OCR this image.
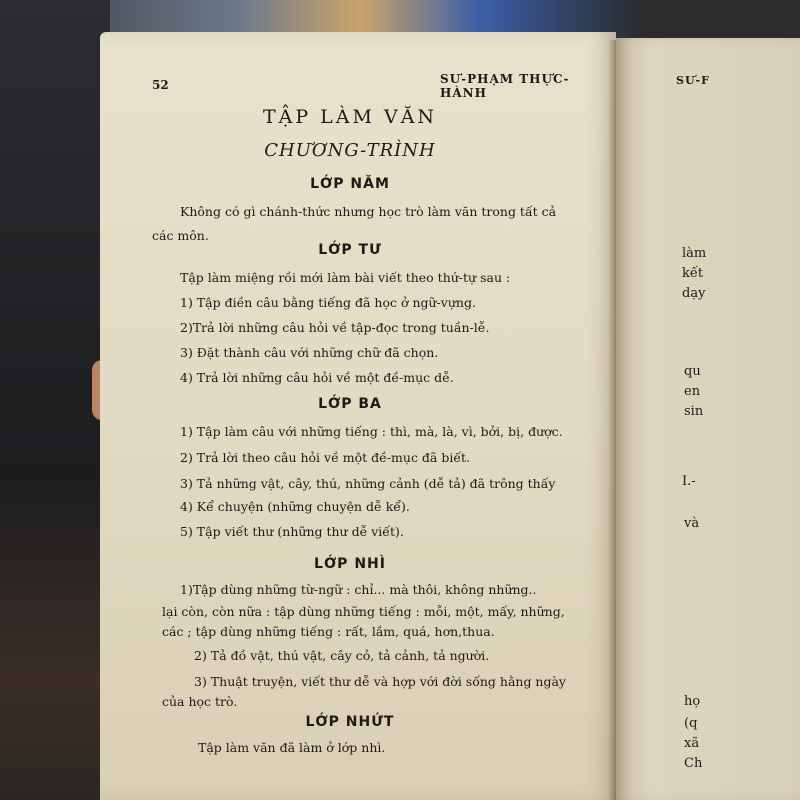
52	SƯ-PHẠM THỰC-HÀNH
TẬP LÀM VĂN
CHƯƠNG-TRÌNH
LỚP NĂM
Không có gì chánh-thức nhưng học trò làm văn trong tất cả
các môn.
LỚP TƯ
Tập làm miệng rồi mới làm bài viết theo thứ-tự sau :
1) Tập điền câu bằng tiếng đã học ở ngữ-vựng.
2)Trả lời những câu hỏi về tập-đọc trong tuần-lễ.
3) Đặt thành câu với những chữ đã chọn.
4) Trả lời những câu hỏi về một đề-mục dễ.
LỚP BA
1) Tập làm câu với những tiếng : thì, mà, là, vì, bởi, bị, được.
2) Trả lời theo câu hỏi về một đề-mục đã biết.
3) Tả những vật, cây, thú, những cảnh (dễ tả) đã trông thấy
4) Kể chuyện (những chuyện dễ kể).
5) Tập viết thư (những thư dễ viết).
LỚP NHÌ
1)Tập dùng những từ-ngữ : chỉ... mà thôi, không những..
lại còn, còn nữa : tập dùng những tiếng : mỗi, một, mấy, những,
các ; tập dùng những tiếng : rất, lắm, quá, hơn,thua.
2) Tả đồ vật, thú vật, cây cỏ, tả cảnh, tả người.
3) Thuật truyện, viết thư dễ và hợp với đời sống hằng ngày
của học trò.
LỚP NHỨT
Tập làm văn đã làm ở lớp nhì.
SƯ-F
làm
kết
dạy
qu
en
sin
I.-
và
họ
(q
xã
Ch
